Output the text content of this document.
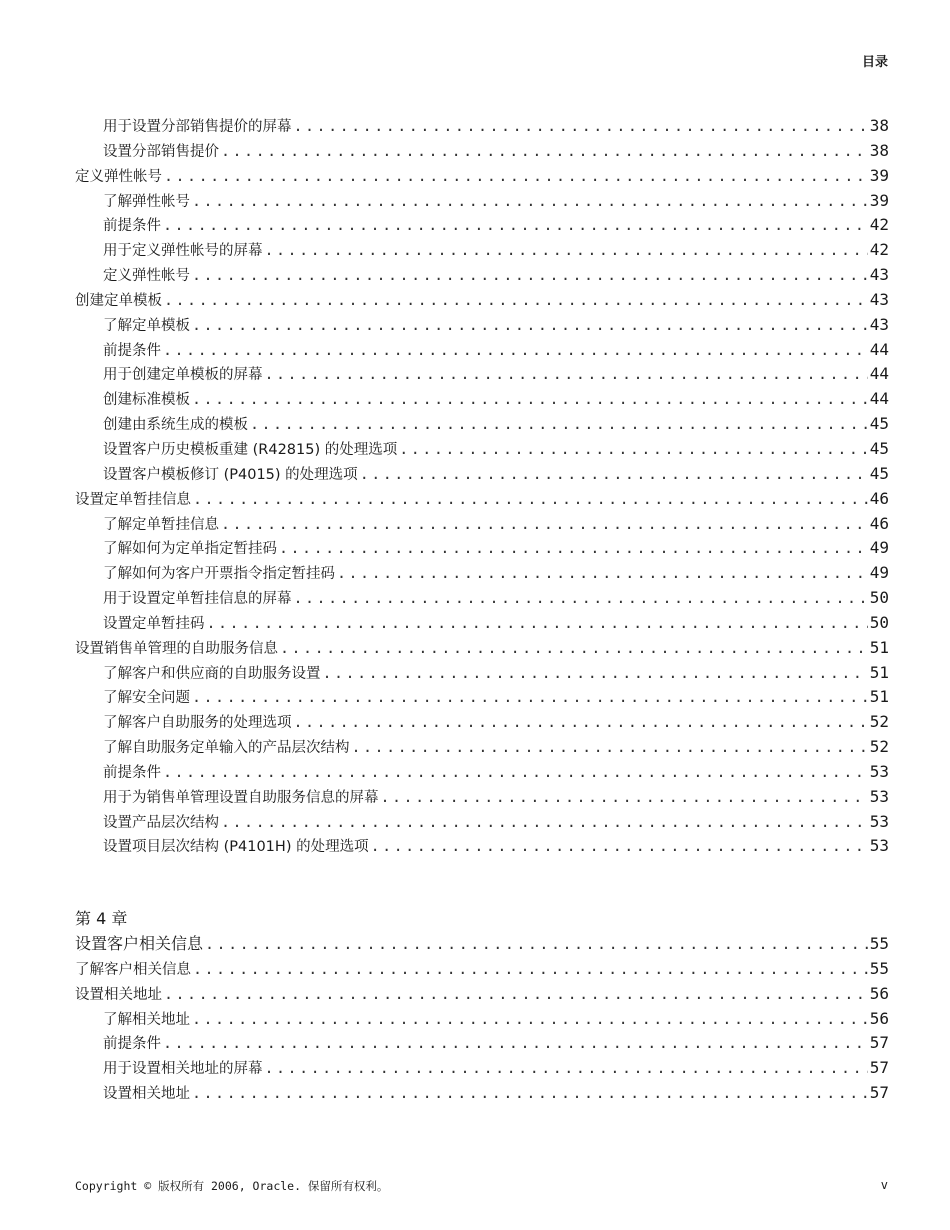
目录
用于设置分部销售提价的屏幕 .....	38
设置分部销售提价 .....	38
定义弹性帐号 .....	39
了解弹性帐号 .....	39
前提条件 .....	42
用于定义弹性帐号的屏幕 .....	42
定义弹性帐号 .....	43
创建定单模板 .....	43
了解定单模板 .....	43
前提条件 .....	44
用于创建定单模板的屏幕 .....	44
创建标准模板 .....	44
创建由系统生成的模板 .....	45
设置客户历史模板重建 (R42815) 的处理选项 .....	45
设置客户模板修订 (P4015) 的处理选项 .....	45
设置定单暂挂信息 .....	46
了解定单暂挂信息 .....	46
了解如何为定单指定暂挂码 .....	49
了解如何为客户开票指令指定暂挂码 .....	49
用于设置定单暂挂信息的屏幕 .....	50
设置定单暂挂码 .....	50
设置销售单管理的自助服务信息 .....	51
了解客户和供应商的自助服务设置 .....	51
了解安全问题 .....	51
了解客户自助服务的处理选项 .....	52
了解自助服务定单输入的产品层次结构 .....	52
前提条件 .....	53
用于为销售单管理设置自助服务信息的屏幕 .....	53
设置产品层次结构 .....	53
设置项目层次结构 (P4101H) 的处理选项 .....	53
第 4 章
设置客户相关信息 .....	55
了解客户相关信息 .....	55
设置相关地址 .....	56
了解相关地址 .....	56
前提条件 .....	57
用于设置相关地址的屏幕 .....	57
设置相关地址 .....	57
Copyright © 版权所有 2006, Oracle. 保留所有权利。	v
